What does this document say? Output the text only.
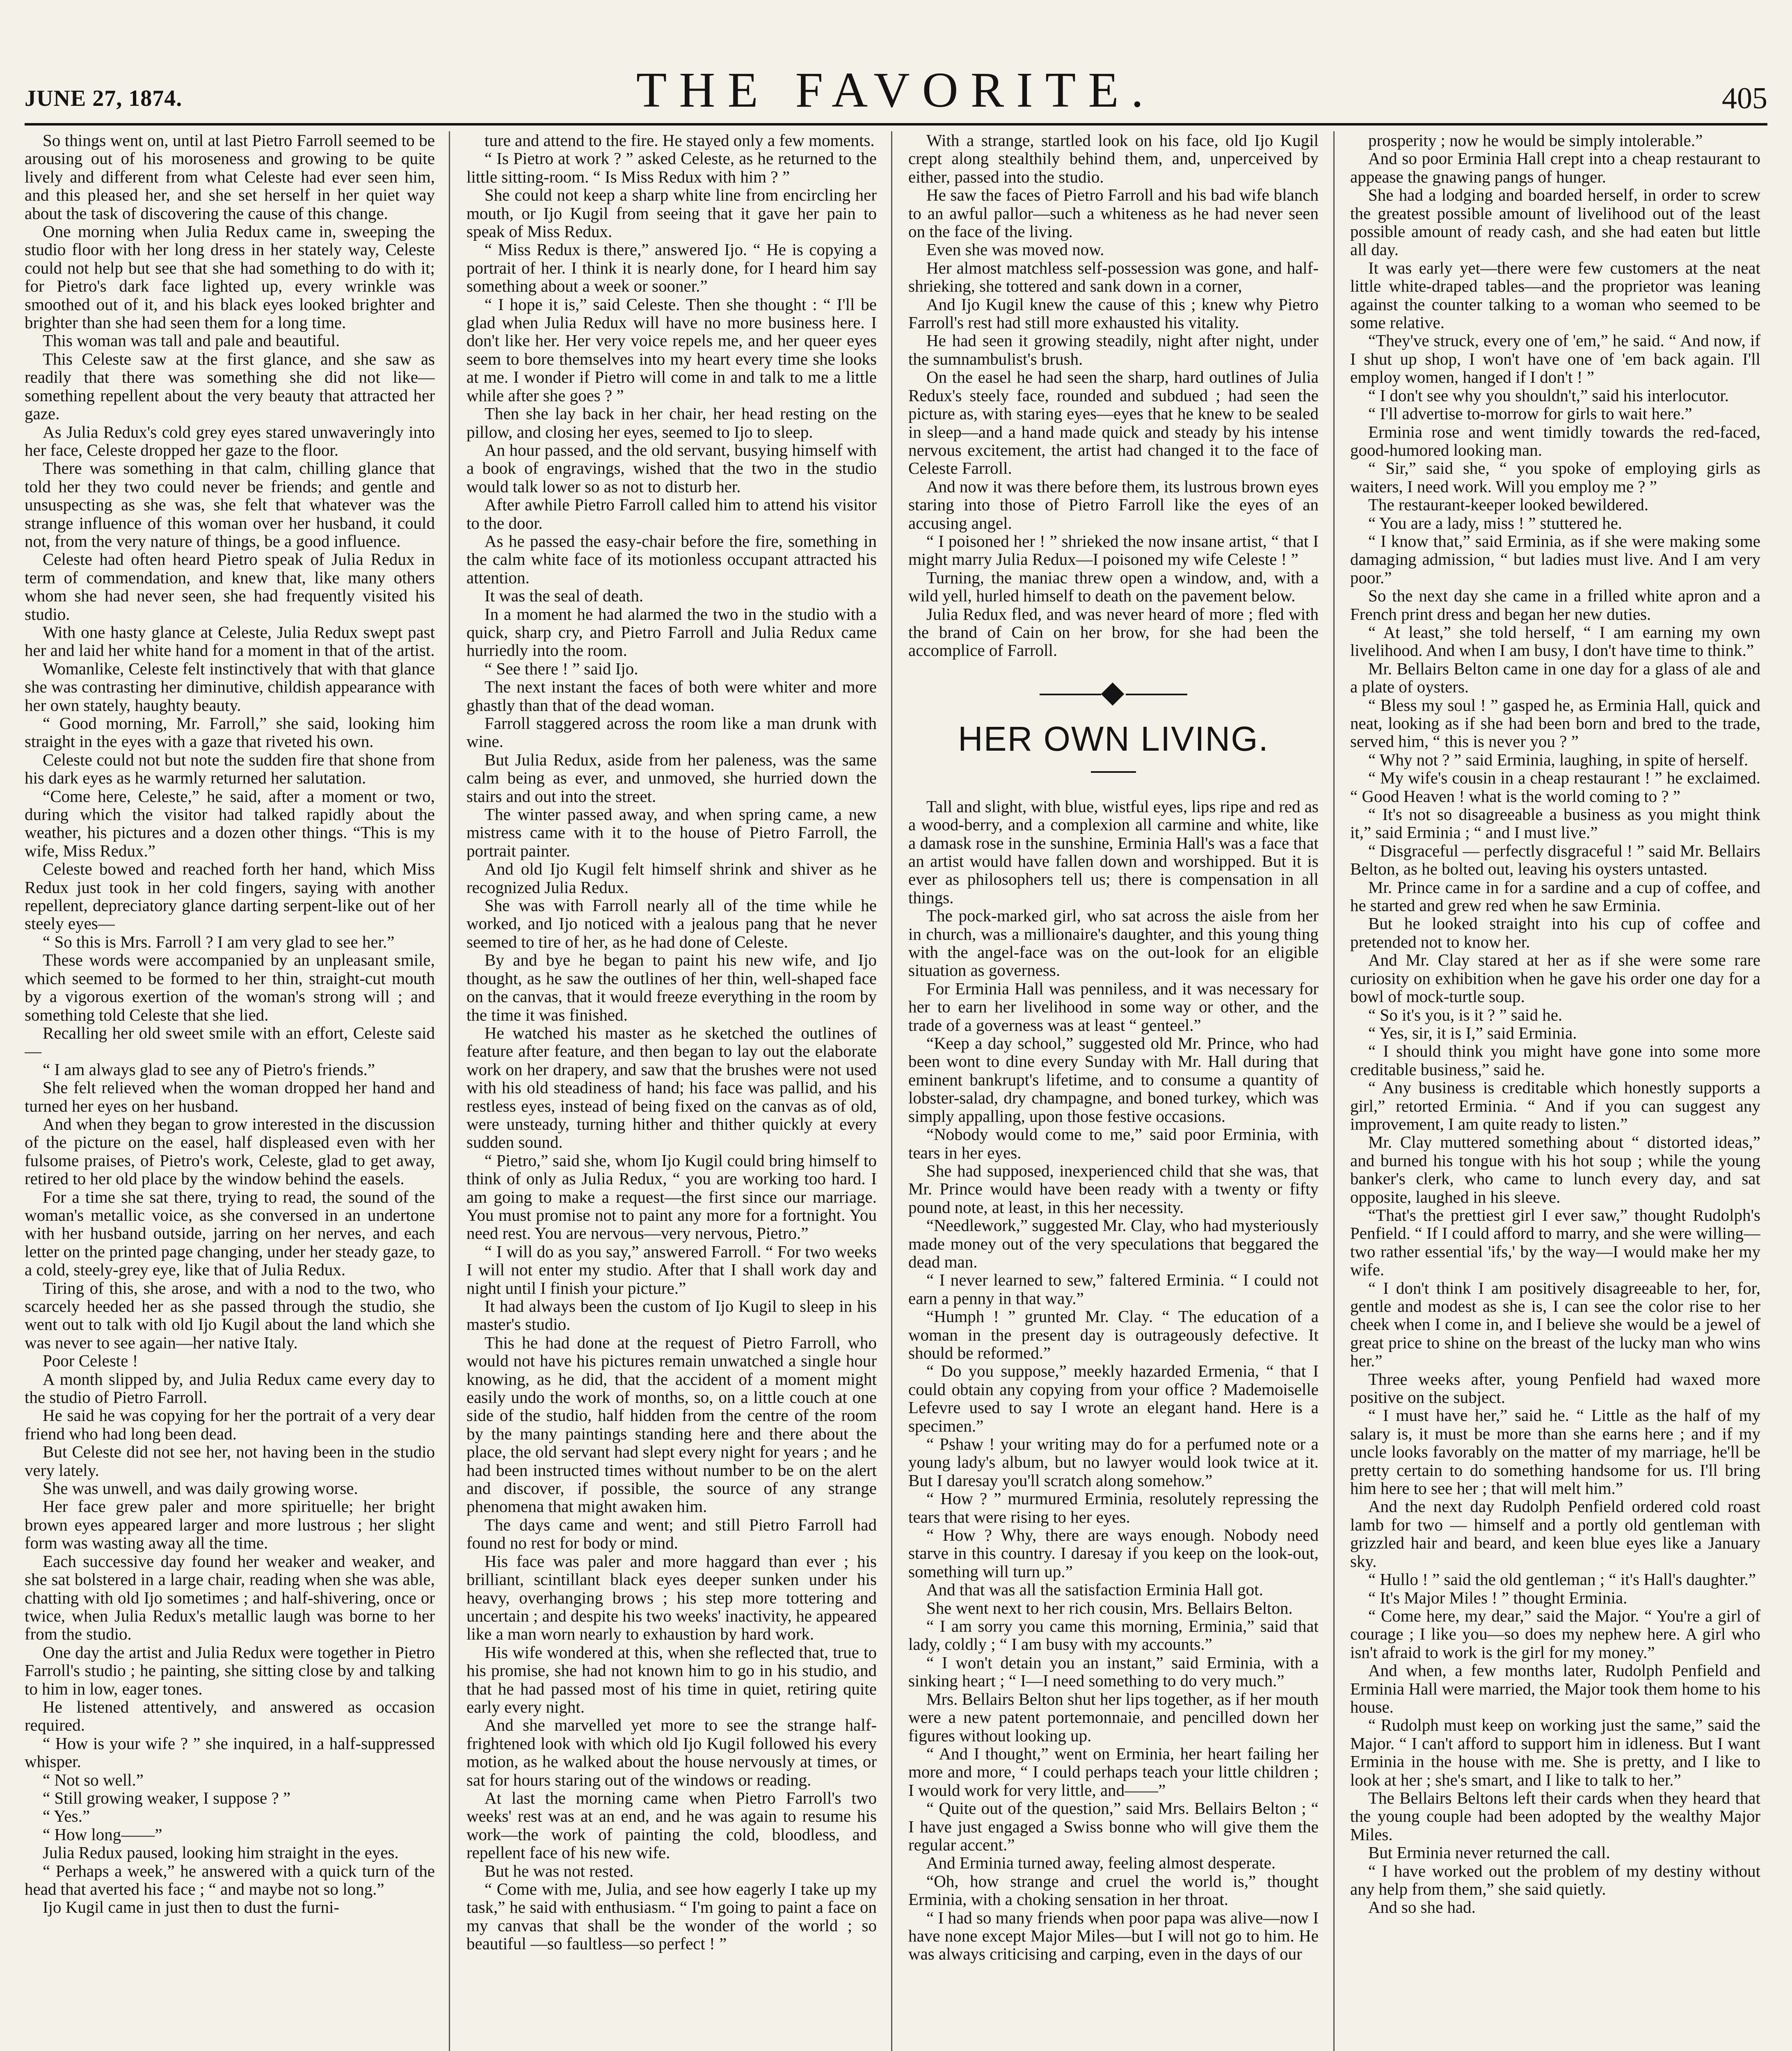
JUNE 27, 1874.	THE FAVORITE.	405

So things went on, until at last Pietro Farroll seemed to be arousing out of his moroseness and growing to be quite lively and different from what Celeste had ever seen him, and this pleased her, and she set herself in her quiet way about the task of discovering the cause of this change.

One morning when Julia Redux came in, sweeping the studio floor with her long dress in her stately way, Celeste could not help but see that she had something to do with it; for Pietro's dark face lighted up, every wrinkle was smoothed out of it, and his black eyes looked brighter and brighter than she had seen them for a long time.

This woman was tall and pale and beautiful.

This Celeste saw at the first glance, and she saw as readily that there was something she did not like—something repellent about the very beauty that attracted her gaze.

As Julia Redux's cold grey eyes stared unwaveringly into her face, Celeste dropped her gaze to the floor.

There was something in that calm, chilling glance that told her they two could never be friends; and gentle and unsuspecting as she was, she felt that whatever was the strange influence of this woman over her husband, it could not, from the very nature of things, be a good influence.

Celeste had often heard Pietro speak of Julia Redux in term of commendation, and knew that, like many others whom she had never seen, she had frequently visited his studio.

With one hasty glance at Celeste, Julia Redux swept past her and laid her white hand for a moment in that of the artist.

Womanlike, Celeste felt instinctively that with that glance she was contrasting her diminutive, childish appearance with her own stately, haughty beauty.

“ Good morning, Mr. Farroll,” she said, looking him straight in the eyes with a gaze that riveted his own.

Celeste could not but note the sudden fire that shone from his dark eyes as he warmly returned her salutation.

“Come here, Celeste,” he said, after a moment or two, during which the visitor had talked rapidly about the weather, his pictures and a dozen other things. “This is my wife, Miss Redux.”

Celeste bowed and reached forth her hand, which Miss Redux just took in her cold fingers, saying with another repellent, depreciatory glance darting serpent-like out of her steely eyes—

“ So this is Mrs. Farroll ? I am very glad to see her.”

These words were accompanied by an unpleasant smile, which seemed to be formed to her thin, straight-cut mouth by a vigorous exertion of the woman's strong will ; and something told Celeste that she lied.

Recalling her old sweet smile with an effort, Celeste said—

“ I am always glad to see any of Pietro's friends.”

She felt relieved when the woman dropped her hand and turned her eyes on her husband.

And when they began to grow interested in the discussion of the picture on the easel, half displeased even with her fulsome praises, of Pietro's work, Celeste, glad to get away, retired to her old place by the window behind the easels.

For a time she sat there, trying to read, the sound of the woman's metallic voice, as she conversed in an undertone with her husband outside, jarring on her nerves, and each letter on the printed page changing, under her steady gaze, to a cold, steely-grey eye, like that of Julia Redux.

Tiring of this, she arose, and with a nod to the two, who scarcely heeded her as she passed through the studio, she went out to talk with old Ijo Kugil about the land which she was never to see again—her native Italy.

Poor Celeste !

A month slipped by, and Julia Redux came every day to the studio of Pietro Farroll.

He said he was copying for her the portrait of a very dear friend who had long been dead.

But Celeste did not see her, not having been in the studio very lately.

She was unwell, and was daily growing worse.

Her face grew paler and more spirituelle; her bright brown eyes appeared larger and more lustrous ; her slight form was wasting away all the time.

Each successive day found her weaker and weaker, and she sat bolstered in a large chair, reading when she was able, chatting with old Ijo sometimes ; and half-shivering, once or twice, when Julia Redux's metallic laugh was borne to her from the studio.

One day the artist and Julia Redux were together in Pietro Farroll's studio ; he painting, she sitting close by and talking to him in low, eager tones.

He listened attentively, and answered as occasion required.

“ How is your wife ? ” she inquired, in a half-suppressed whisper.

“ Not so well.”

“ Still growing weaker, I suppose ? ”

“ Yes.”

“ How long——”

Julia Redux paused, looking him straight in the eyes.

“ Perhaps a week,” he answered with a quick turn of the head that averted his face ; “ and maybe not so long.”

Ijo Kugil came in just then to dust the furni-

ture and attend to the fire. He stayed only a few moments.

“ Is Pietro at work ? ” asked Celeste, as he returned to the little sitting-room. “ Is Miss Redux with him ? ”

She could not keep a sharp white line from encircling her mouth, or Ijo Kugil from seeing that it gave her pain to speak of Miss Redux.

“ Miss Redux is there,” answered Ijo. “ He is copying a portrait of her. I think it is nearly done, for I heard him say something about a week or sooner.”

“ I hope it is,” said Celeste. Then she thought : “ I'll be glad when Julia Redux will have no more business here. I don't like her. Her very voice repels me, and her queer eyes seem to bore themselves into my heart every time she looks at me. I wonder if Pietro will come in and talk to me a little while after she goes ? ”

Then she lay back in her chair, her head resting on the pillow, and closing her eyes, seemed to Ijo to sleep.

An hour passed, and the old servant, busying himself with a book of engravings, wished that the two in the studio would talk lower so as not to disturb her.

After awhile Pietro Farroll called him to attend his visitor to the door.

As he passed the easy-chair before the fire, something in the calm white face of its motionless occupant attracted his attention.

It was the seal of death.

In a moment he had alarmed the two in the studio with a quick, sharp cry, and Pietro Farroll and Julia Redux came hurriedly into the room.

“ See there ! ” said Ijo.

The next instant the faces of both were whiter and more ghastly than that of the dead woman.

Farroll staggered across the room like a man drunk with wine.

But Julia Redux, aside from her paleness, was the same calm being as ever, and unmoved, she hurried down the stairs and out into the street.

The winter passed away, and when spring came, a new mistress came with it to the house of Pietro Farroll, the portrait painter.

And old Ijo Kugil felt himself shrink and shiver as he recognized Julia Redux.

She was with Farroll nearly all of the time while he worked, and Ijo noticed with a jealous pang that he never seemed to tire of her, as he had done of Celeste.

By and bye he began to paint his new wife, and Ijo thought, as he saw the outlines of her thin, well-shaped face on the canvas, that it would freeze everything in the room by the time it was finished.

He watched his master as he sketched the outlines of feature after feature, and then began to lay out the elaborate work on her drapery, and saw that the brushes were not used with his old steadiness of hand; his face was pallid, and his restless eyes, instead of being fixed on the canvas as of old, were unsteady, turning hither and thither quickly at every sudden sound.

“ Pietro,” said she, whom Ijo Kugil could bring himself to think of only as Julia Redux, “ you are working too hard. I am going to make a request—the first since our marriage. You must promise not to paint any more for a fortnight. You need rest. You are nervous—very nervous, Pietro.”

“ I will do as you say,” answered Farroll. “ For two weeks I will not enter my studio. After that I shall work day and night until I finish your picture.”

It had always been the custom of Ijo Kugil to sleep in his master's studio.

This he had done at the request of Pietro Farroll, who would not have his pictures remain unwatched a single hour knowing, as he did, that the accident of a moment might easily undo the work of months, so, on a little couch at one side of the studio, half hidden from the centre of the room by the many paintings standing here and there about the place, the old servant had slept every night for years ; and he had been instructed times without number to be on the alert and discover, if possible, the source of any strange phenomena that might awaken him.

The days came and went; and still Pietro Farroll had found no rest for body or mind.

His face was paler and more haggard than ever ; his brilliant, scintillant black eyes deeper sunken under his heavy, overhanging brows ; his step more tottering and uncertain ; and despite his two weeks' inactivity, he appeared like a man worn nearly to exhaustion by hard work.

His wife wondered at this, when she reflected that, true to his promise, she had not known him to go in his studio, and that he had passed most of his time in quiet, retiring quite early every night.

And she marvelled yet more to see the strange half-frightened look with which old Ijo Kugil followed his every motion, as he walked about the house nervously at times, or sat for hours staring out of the windows or reading.

At last the morning came when Pietro Farroll's two weeks' rest was at an end, and he was again to resume his work—the work of painting the cold, bloodless, and repellent face of his new wife.

But he was not rested.

“ Come with me, Julia, and see how eagerly I take up my task,” he said with enthusiasm. “ I'm going to paint a face on my canvas that shall be the wonder of the world ; so beautiful —so faultless—so perfect ! ”

With a strange, startled look on his face, old Ijo Kugil crept along stealthily behind them, and, unperceived by either, passed into the studio.

He saw the faces of Pietro Farroll and his bad wife blanch to an awful pallor—such a whiteness as he had never seen on the face of the living.

Even she was moved now.

Her almost matchless self-possession was gone, and half-shrieking, she tottered and sank down in a corner,

And Ijo Kugil knew the cause of this ; knew why Pietro Farroll's rest had still more exhausted his vitality.

He had seen it growing steadily, night after night, under the sumnambulist's brush.

On the easel he had seen the sharp, hard outlines of Julia Redux's steely face, rounded and subdued ; had seen the picture as, with staring eyes—eyes that he knew to be sealed in sleep—and a hand made quick and steady by his intense nervous excitement, the artist had changed it to the face of Celeste Farroll.

And now it was there before them, its lustrous brown eyes staring into those of Pietro Farroll like the eyes of an accusing angel.

“ I poisoned her ! ” shrieked the now insane artist, “ that I might marry Julia Redux—I poisoned my wife Celeste ! ”

Turning, the maniac threw open a window, and, with a wild yell, hurled himself to death on the pavement below.

Julia Redux fled, and was never heard of more ; fled with the brand of Cain on her brow, for she had been the accomplice of Farroll.

HER OWN LIVING.

Tall and slight, with blue, wistful eyes, lips ripe and red as a wood-berry, and a complexion all carmine and white, like a damask rose in the sunshine, Erminia Hall's was a face that an artist would have fallen down and worshipped. But it is ever as philosophers tell us; there is compensation in all things.

The pock-marked girl, who sat across the aisle from her in church, was a millionaire's daughter, and this young thing with the angel-face was on the out-look for an eligible situation as governess.

For Erminia Hall was penniless, and it was necessary for her to earn her livelihood in some way or other, and the trade of a governess was at least “ genteel.”

“Keep a day school,” suggested old Mr. Prince, who had been wont to dine every Sunday with Mr. Hall during that eminent bankrupt's lifetime, and to consume a quantity of lobster-salad, dry champagne, and boned turkey, which was simply appalling, upon those festive occasions.

“Nobody would come to me,” said poor Erminia, with tears in her eyes.

She had supposed, inexperienced child that she was, that Mr. Prince would have been ready with a twenty or fifty pound note, at least, in this her necessity.

“Needlework,” suggested Mr. Clay, who had mysteriously made money out of the very speculations that beggared the dead man.

“ I never learned to sew,” faltered Erminia. “ I could not earn a penny in that way.”

“Humph ! ” grunted Mr. Clay. “ The education of a woman in the present day is outrageously defective. It should be reformed.”

“ Do you suppose,” meekly hazarded Ermenia, “ that I could obtain any copying from your office ? Mademoiselle Lefevre used to say I wrote an elegant hand. Here is a specimen.”

“ Pshaw ! your writing may do for a perfumed note or a young lady's album, but no lawyer would look twice at it. But I daresay you'll scratch along somehow.”

“ How ? ” murmured Erminia, resolutely repressing the tears that were rising to her eyes.

“ How ? Why, there are ways enough. Nobody need starve in this country. I daresay if you keep on the look-out, something will turn up.”

And that was all the satisfaction Erminia Hall got.

She went next to her rich cousin, Mrs. Bellairs Belton.

“ I am sorry you came this morning, Erminia,” said that lady, coldly ; “ I am busy with my accounts.”

“ I won't detain you an instant,” said Erminia, with a sinking heart ; “ I—I need something to do very much.”

Mrs. Bellairs Belton shut her lips together, as if her mouth were a new patent portemonnaie, and pencilled down her figures without looking up.

“ And I thought,” went on Erminia, her heart failing her more and more, “ I could perhaps teach your little children ; I would work for very little, and——”

“ Quite out of the question,” said Mrs. Bellairs Belton ; “ I have just engaged a Swiss bonne who will give them the regular accent.”

And Erminia turned away, feeling almost desperate.

“Oh, how strange and cruel the world is,” thought Erminia, with a choking sensation in her throat.

“ I had so many friends when poor papa was alive—now I have none except Major Miles—but I will not go to him. He was always criticising and carping, even in the days of our

prosperity ; now he would be simply intolerable.”

And so poor Erminia Hall crept into a cheap restaurant to appease the gnawing pangs of hunger.

She had a lodging and boarded herself, in order to screw the greatest possible amount of livelihood out of the least possible amount of ready cash, and she had eaten but little all day.

It was early yet—there were few customers at the neat little white-draped tables—and the proprietor was leaning against the counter talking to a woman who seemed to be some relative.

“They've struck, every one of 'em,” he said. “ And now, if I shut up shop, I won't have one of 'em back again. I'll employ women, hanged if I don't ! ”

“ I don't see why you shouldn't,” said his interlocutor.

“ I'll advertise to-morrow for girls to wait here.”

Erminia rose and went timidly towards the red-faced, good-humored looking man.

“ Sir,” said she, “ you spoke of employing girls as waiters, I need work. Will you employ me ? ”

The restaurant-keeper looked bewildered.

“ You are a lady, miss ! ” stuttered he.

“ I know that,” said Erminia, as if she were making some damaging admission, “ but ladies must live. And I am very poor.”

So the next day she came in a frilled white apron and a French print dress and began her new duties.

“ At least,” she told herself, “ I am earning my own livelihood. And when I am busy, I don't have time to think.”

Mr. Bellairs Belton came in one day for a glass of ale and a plate of oysters.

“ Bless my soul ! ” gasped he, as Erminia Hall, quick and neat, looking as if she had been born and bred to the trade, served him, “ this is never you ? ”

“ Why not ? ” said Erminia, laughing, in spite of herself.

“ My wife's cousin in a cheap restaurant ! ” he exclaimed. “ Good Heaven ! what is the world coming to ? ”

“ It's not so disagreeable a business as you might think it,” said Erminia ; “ and I must live.”

“ Disgraceful — perfectly disgraceful ! ” said Mr. Bellairs Belton, as he bolted out, leaving his oysters untasted.

Mr. Prince came in for a sardine and a cup of coffee, and he started and grew red when he saw Erminia.

But he looked straight into his cup of coffee and pretended not to know her.

And Mr. Clay stared at her as if she were some rare curiosity on exhibition when he gave his order one day for a bowl of mock-turtle soup.

“ So it's you, is it ? ” said he.

“ Yes, sir, it is I,” said Erminia.

“ I should think you might have gone into some more creditable business,” said he.

“ Any business is creditable which honestly supports a girl,” retorted Erminia. “ And if you can suggest any improvement, I am quite ready to listen.”

Mr. Clay muttered something about “ distorted ideas,” and burned his tongue with his hot soup ; while the young banker's clerk, who came to lunch every day, and sat opposite, laughed in his sleeve.

“That's the prettiest girl I ever saw,” thought Rudolph's Penfield. “ If I could afford to marry, and she were willing—two rather essential 'ifs,' by the way—I would make her my wife.

“ I don't think I am positively disagreeable to her, for, gentle and modest as she is, I can see the color rise to her cheek when I come in, and I believe she would be a jewel of great price to shine on the breast of the lucky man who wins her.”

Three weeks after, young Penfield had waxed more positive on the subject.

“ I must have her,” said he. “ Little as the half of my salary is, it must be more than she earns here ; and if my uncle looks favorably on the matter of my marriage, he'll be pretty certain to do something handsome for us. I'll bring him here to see her ; that will melt him.”

And the next day Rudolph Penfield ordered cold roast lamb for two — himself and a portly old gentleman with grizzled hair and beard, and keen blue eyes like a January sky.

“ Hullo ! ” said the old gentleman ; “ it's Hall's daughter.”

“ It's Major Miles ! ” thought Erminia.

“ Come here, my dear,” said the Major. “ You're a girl of courage ; I like you—so does my nephew here. A girl who isn't afraid to work is the girl for my money.”

And when, a few months later, Rudolph Penfield and Erminia Hall were married, the Major took them home to his house.

“ Rudolph must keep on working just the same,” said the Major. “ I can't afford to support him in idleness. But I want Erminia in the house with me. She is pretty, and I like to look at her ; she's smart, and I like to talk to her.”

The Bellairs Beltons left their cards when they heard that the young couple had been adopted by the wealthy Major Miles.

But Erminia never returned the call.

“ I have worked out the problem of my destiny without any help from them,” she said quietly.

And so she had.
